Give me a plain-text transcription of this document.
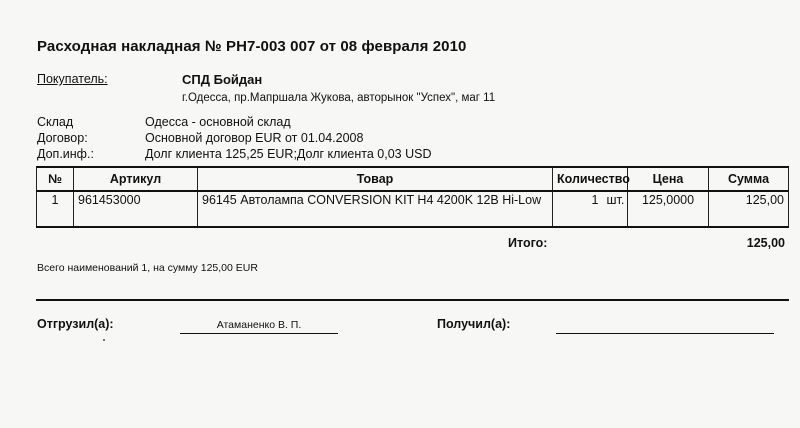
Расходная накладная № РН7-003 007 от 08 февраля 2010
Покупатель:	СПД Бойдан
г.Одесса, пр.Мапршала Жукова, авторынок "Успех", маг 11
Склад	Одесса - основной склад
Договор:	Основной договор EUR от 01.04.2008
Доп.инф.:	Долг клиента 125,25 EUR;Долг клиента 0,03 USD
№	Артикул	Товар	Количество		Цена	Сумма
1	961453000	96145 Автолампа CONVERSION KIT H4 4200K 12В Hi-Low	1	шт.	125,0000	125,00
Итого:	125,00
Всего наименований 1, на сумму 125,00 EUR
Отгрузил(а):	Атаманенко В. П.	Получил(а):
